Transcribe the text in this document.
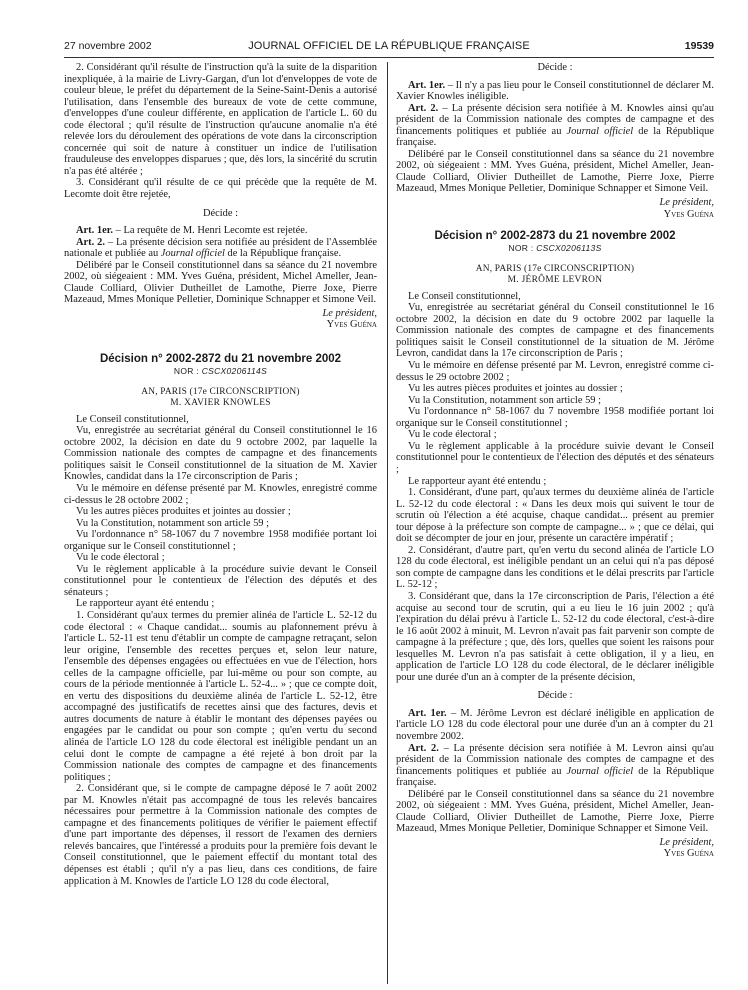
27 novembre 2002	JOURNAL OFFICIEL DE LA RÉPUBLIQUE FRANÇAISE	19539

2. Considérant qu'il résulte de l'instruction qu'à la suite de la disparition inexpliquée, à la mairie de Livry-Gargan, d'un lot d'enveloppes de vote de couleur bleue, le préfet du département de la Seine-Saint-Denis a autorisé l'utilisation, dans l'ensemble des bureaux de vote de cette commune, d'enveloppes d'une couleur différente, en application de l'article L. 60 du code électoral ; qu'il résulte de l'instruction qu'aucune anomalie n'a été relevée lors du déroulement des opérations de vote dans la circonscription concernée qui soit de nature à constituer un indice de l'utilisation frauduleuse des enveloppes disparues ; que, dès lors, la sincérité du scrutin n'a pas été altérée ;

3. Considérant qu'il résulte de ce qui précède que la requête de M. Lecomte doit être rejetée,

Décide :

Art. 1er. – La requête de M. Henri Lecomte est rejetée.

Art. 2. – La présente décision sera notifiée au président de l'Assemblée nationale et publiée au Journal officiel de la République française.

Délibéré par le Conseil constitutionnel dans sa séance du 21 novembre 2002, où siégeaient : MM. Yves Guéna, président, Michel Ameller, Jean-Claude Colliard, Olivier Dutheillet de Lamothe, Pierre Joxe, Pierre Mazeaud, Mmes Monique Pelletier, Dominique Schnapper et Simone Veil.

Le président,

Yves Guéna

Décision n° 2002-2872 du 21 novembre 2002

NOR : CSCX0206114S

AN, PARIS (17e CIRCONSCRIPTION)

M. XAVIER KNOWLES

Le Conseil constitutionnel,

Vu, enregistrée au secrétariat général du Conseil constitutionnel le 16 octobre 2002, la décision en date du 9 octobre 2002, par laquelle la Commission nationale des comptes de campagne et des financements politiques saisit le Conseil constitutionnel de la situation de M. Xavier Knowles, candidat dans la 17e circonscription de Paris ;

Vu le mémoire en défense présenté par M. Knowles, enregistré comme ci-dessus le 28 octobre 2002 ;

Vu les autres pièces produites et jointes au dossier ;

Vu la Constitution, notamment son article 59 ;

Vu l'ordonnance n° 58-1067 du 7 novembre 1958 modifiée portant loi organique sur le Conseil constitutionnel ;

Vu le code électoral ;

Vu le règlement applicable à la procédure suivie devant le Conseil constitutionnel pour le contentieux de l'élection des députés et des sénateurs ;

Le rapporteur ayant été entendu ;

1. Considérant qu'aux termes du premier alinéa de l'article L. 52-12 du code électoral : « Chaque candidat... soumis au plafonnement prévu à l'article L. 52-11 est tenu d'établir un compte de campagne retraçant, selon leur origine, l'ensemble des recettes perçues et, selon leur nature, l'ensemble des dépenses engagées ou effectuées en vue de l'élection, hors celles de la campagne officielle, par lui-même ou pour son compte, au cours de la période mentionnée à l'article L. 52-4... » ; que ce compte doit, en vertu des dispositions du deuxième alinéa de l'article L. 52-12, être accompagné des justificatifs de recettes ainsi que des factures, devis et autres documents de nature à établir le montant des dépenses payées ou engagées par le candidat ou pour son compte ; qu'en vertu du second alinéa de l'article LO 128 du code électoral est inéligible pendant un an celui dont le compte de campagne a été rejeté à bon droit par la Commission nationale des comptes de campagne et des financements politiques ;

2. Considérant que, si le compte de campagne déposé le 7 août 2002 par M. Knowles n'était pas accompagné de tous les relevés bancaires nécessaires pour permettre à la Commission nationale des comptes de campagne et des financements politiques de vérifier le paiement effectif d'une part importante des dépenses, il ressort de l'examen des derniers relevés bancaires, que l'intéressé a produits pour la première fois devant le Conseil constitutionnel, que le paiement effectif du montant total des dépenses est établi ; qu'il n'y a pas lieu, dans ces conditions, de faire application à M. Knowles de l'article LO 128 du code électoral,

Décide :

Art. 1er. – Il n'y a pas lieu pour le Conseil constitutionnel de déclarer M. Xavier Knowles inéligible.

Art. 2. – La présente décision sera notifiée à M. Knowles ainsi qu'au président de la Commission nationale des comptes de campagne et des financements politiques et publiée au Journal officiel de la République française.

Délibéré par le Conseil constitutionnel dans sa séance du 21 novembre 2002, où siégeaient : MM. Yves Guéna, président, Michel Ameller, Jean-Claude Colliard, Olivier Dutheillet de Lamothe, Pierre Joxe, Pierre Mazeaud, Mmes Monique Pelletier, Dominique Schnapper et Simone Veil.

Le président,

Yves Guéna

Décision n° 2002-2873 du 21 novembre 2002

NOR : CSCX0206113S

AN, PARIS (17e CIRCONSCRIPTION)

M. JÉRÔME LEVRON

Le Conseil constitutionnel,

Vu, enregistrée au secrétariat général du Conseil constitutionnel le 16 octobre 2002, la décision en date du 9 octobre 2002 par laquelle la Commission nationale des comptes de campagne et des financements politiques saisit le Conseil constitutionnel de la situation de M. Jérôme Levron, candidat dans la 17e circonscription de Paris ;

Vu le mémoire en défense présenté par M. Levron, enregistré comme ci-dessus le 29 octobre 2002 ;

Vu les autres pièces produites et jointes au dossier ;

Vu la Constitution, notamment son article 59 ;

Vu l'ordonnance n° 58-1067 du 7 novembre 1958 modifiée portant loi organique sur le Conseil constitutionnel ;

Vu le code électoral ;

Vu le règlement applicable à la procédure suivie devant le Conseil constitutionnel pour le contentieux de l'élection des députés et des sénateurs ;

Le rapporteur ayant été entendu ;

1. Considérant, d'une part, qu'aux termes du deuxième alinéa de l'article L. 52-12 du code électoral : « Dans les deux mois qui suivent le tour de scrutin où l'élection a été acquise, chaque candidat... présent au premier tour dépose à la préfecture son compte de campagne... » ; que ce délai, qui doit se décompter de jour en jour, présente un caractère impératif ;

2. Considérant, d'autre part, qu'en vertu du second alinéa de l'article LO 128 du code électoral, est inéligible pendant un an celui qui n'a pas déposé son compte de campagne dans les conditions et le délai prescrits par l'article L. 52-12 ;

3. Considérant que, dans la 17e circonscription de Paris, l'élection a été acquise au second tour de scrutin, qui a eu lieu le 16 juin 2002 ; qu'à l'expiration du délai prévu à l'article L. 52-12 du code électoral, c'est-à-dire le 16 août 2002 à minuit, M. Levron n'avait pas fait parvenir son compte de campagne à la préfecture ; que, dès lors, quelles que soient les raisons pour lesquelles M. Levron n'a pas satisfait à cette obligation, il y a lieu, en application de l'article LO 128 du code électoral, de le déclarer inéligible pour une durée d'un an à compter de la présente décision,

Décide :

Art. 1er. – M. Jérôme Levron est déclaré inéligible en application de l'article LO 128 du code électoral pour une durée d'un an à compter du 21 novembre 2002.

Art. 2. – La présente décision sera notifiée à M. Levron ainsi qu'au président de la Commission nationale des comptes de campagne et des financements politiques et publiée au Journal officiel de la République française.

Délibéré par le Conseil constitutionnel dans sa séance du 21 novembre 2002, où siégeaient : MM. Yves Guéna, président, Michel Ameller, Jean-Claude Colliard, Olivier Dutheillet de Lamothe, Pierre Joxe, Pierre Mazeaud, Mmes Monique Pelletier, Dominique Schnapper et Simone Veil.

Le président,

Yves Guéna
